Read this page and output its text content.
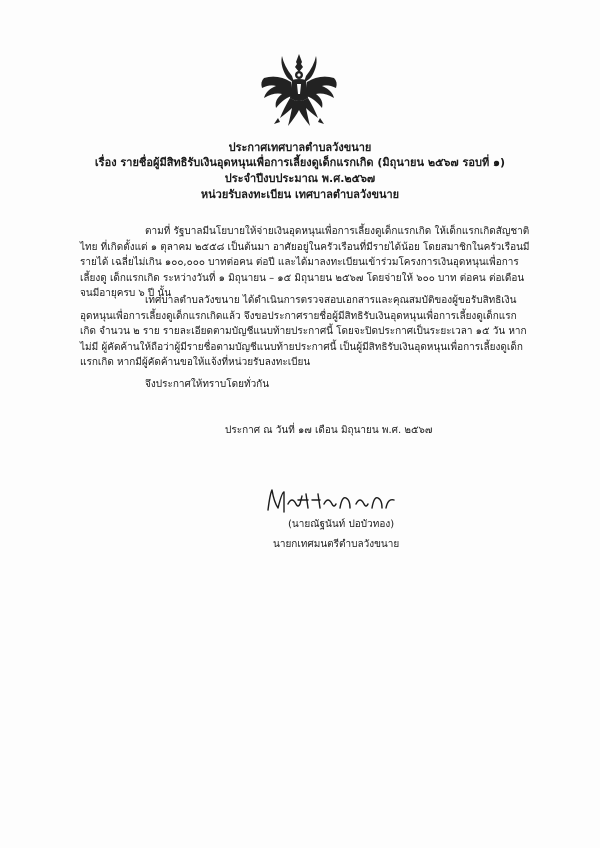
ประกาศเทศบาลตำบลวังขนาย
เรื่อง รายชื่อผู้มีสิทธิรับเงินอุดหนุนเพื่อการเลี้ยงดูเด็กแรกเกิด (มิถุนายน ๒๕๖๗ รอบที่ ๑)
ประจำปีงบประมาณ พ.ศ.๒๕๖๗
หน่วยรับลงทะเบียน เทศบาลตำบลวังขนาย
ตามที่ รัฐบาลมีนโยบายให้จ่ายเงินอุดหนุนเพื่อการเลี้ยงดูเด็กแรกเกิด ให้เด็กแรกเกิดสัญชาติไทย ที่เกิดตั้งแต่ ๑ ตุลาคม ๒๕๕๘ เป็นต้นมา อาศัยอยู่ในครัวเรือนที่มีรายได้น้อย โดยสมาชิกในครัวเรือนมีรายได้ เฉลี่ยไม่เกิน ๑๐๐,๐๐๐ บาทต่อคน ต่อปี และได้มาลงทะเบียนเข้าร่วมโครงการเงินอุดหนุนเพื่อการเลี้ยงดู เด็กแรกเกิด ระหว่างวันที่ ๑ มิถุนายน – ๑๕ มิถุนายน ๒๕๖๗ โดยจ่ายให้ ๖๐๐ บาท ต่อคน ต่อเดือน จนมีอายุครบ ๖ ปี นั้น
เทศบาลตำบลวังขนาย ได้ดำเนินการตรวจสอบเอกสารและคุณสมบัติของผู้ขอรับสิทธิเงิน อุดหนุนเพื่อการเลี้ยงดูเด็กแรกเกิดแล้ว จึงขอประกาศรายชื่อผู้มีสิทธิรับเงินอุดหนุนเพื่อการเลี้ยงดูเด็กแรกเกิด จำนวน ๒ ราย รายละเอียดตามบัญชีแนบท้ายประกาศนี้ โดยจะปิดประกาศเป็นระยะเวลา ๑๕ วัน หากไม่มี ผู้คัดค้านให้ถือว่าผู้มีรายชื่อตามบัญชีแนบท้ายประกาศนี้ เป็นผู้มีสิทธิรับเงินอุดหนุนเพื่อการเลี้ยงดูเด็กแรกเกิด หากมีผู้คัดค้านขอให้แจ้งที่หน่วยรับลงทะเบียน
จึงประกาศให้ทราบโดยทั่วกัน
ประกาศ ณ วันที่ ๑๗ เดือน มิถุนายน พ.ศ. ๒๕๖๗
(นายณัฐนันท์ ปอบัวทอง)
นายกเทศมนตรีตำบลวังขนาย
